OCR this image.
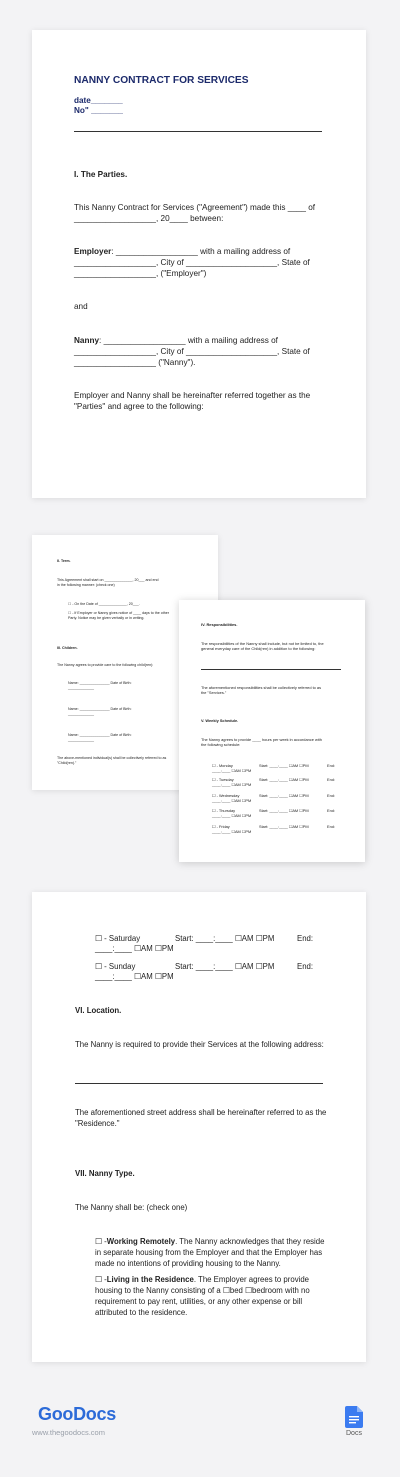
NANNY CONTRACT FOR SERVICES
date_______
No" _______
I. The Parties.
This Nanny Contract for Services ("Agreement") made this ____ of
__________________, 20____ between:
Employer: __________________ with a mailing address of
__________________, City of ____________________, State of
__________________, ("Employer")
and
Nanny: __________________ with a mailing address of
__________________, City of ____________________, State of
__________________ ("Nanny").
Employer and Nanny shall be hereinafter referred together as the
"Parties" and agree to the following:
II. Term.
This Agreement shall start on ______________, 20___ and end
in the following manner: (check one)
☐ - On the Date of ______________, 20___.
☐ - If Employer or Nanny gives notice of ____ days to the other
Party. Notice may be given verbally or in writing.
III. Children.
The Nanny agrees to provide care to the following child(ren):
Name: _______________ Date of Birth:
_____________
Name: _______________ Date of Birth:
_____________
Name: _______________ Date of Birth:
_____________
The above-mentioned individual(s) shall be collectively referred to as
"Child(ren)."
IV. Responsibilities.
The responsibilities of the Nanny shall include, but not be limited to, the
general everyday care of the Child(ren) in addition to the following:
The aforementioned responsibilities shall be collectively referred to as
the "Services."
V. Weekly Schedule.
The Nanny agrees to provide ____ hours per week in accordance with
the following schedule:
☐ - Monday	Start: ____:____ ☐AM ☐PM	End:
____:____ ☐AM ☐PM
☐ - Tuesday	Start: ____:____ ☐AM ☐PM	End:
____:____ ☐AM ☐PM
☐ - Wednesday	Start: ____:____ ☐AM ☐PM	End:
____:____ ☐AM ☐PM
☐ - Thursday	Start: ____:____ ☐AM ☐PM	End:
____:____ ☐AM ☐PM
☐ - Friday	Start: ____:____ ☐AM ☐PM	End:
____:____ ☐AM ☐PM
☐ - Saturday	Start: ____:____ ☐AM ☐PM	End:
____:____ ☐AM ☐PM
☐ - Sunday	Start: ____:____ ☐AM ☐PM	End:
____:____ ☐AM ☐PM
VI. Location.
The Nanny is required to provide their Services at the following address:
The aforementioned street address shall be hereinafter referred to as the
"Residence."
VII. Nanny Type.
The Nanny shall be: (check one)
☐ -Working Remotely. The Nanny acknowledges that they reside
in separate housing from the Employer and that the Employer has
made no intentions of providing housing to the Nanny.
☐ -Living in the Residence. The Employer agrees to provide
housing to the Nanny consisting of a ☐bed ☐bedroom with no
requirement to pay rent, utilities, or any other expense or bill
attributed to the residence.
GooDocs
www.thegoodocs.com	Docs
